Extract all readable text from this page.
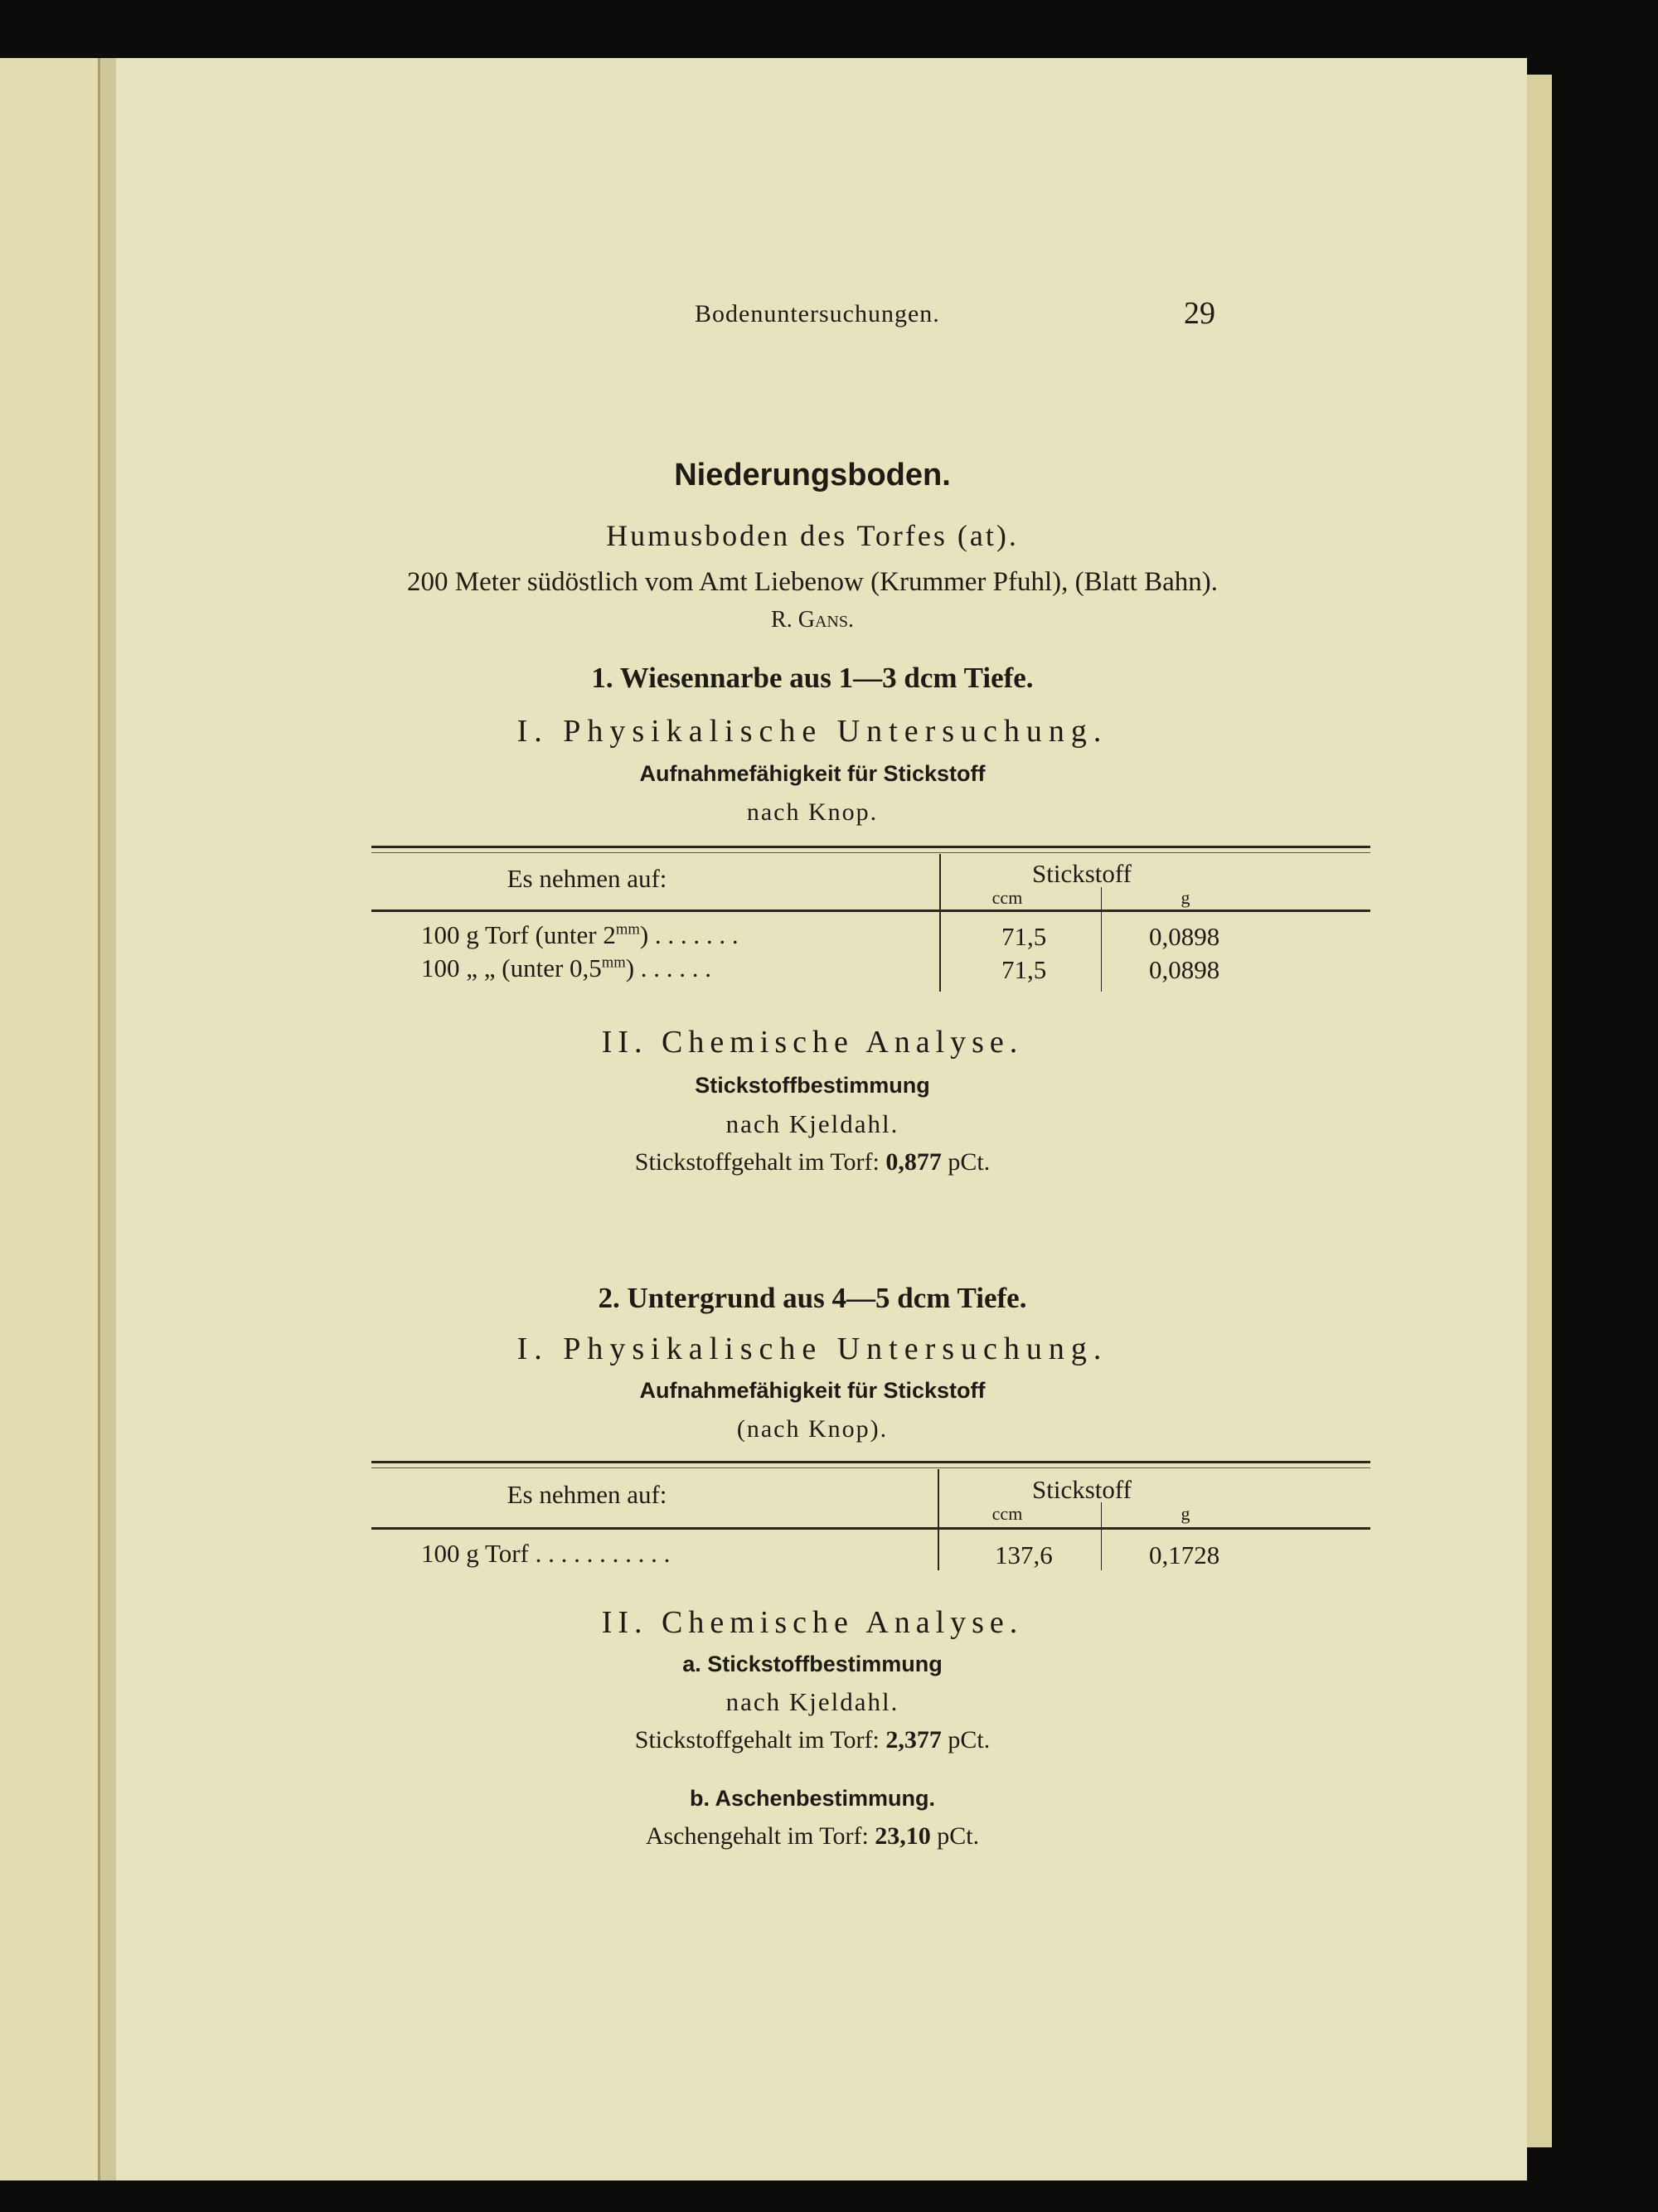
Bodenuntersuchungen.	29
Niederungsboden.
Humusboden des Torfes (at).
200 Meter südöstlich vom Amt Liebenow (Krummer Pfuhl), (Blatt Bahn).
R. Gans.
1. Wiesennarbe aus 1—3 dcm Tiefe.
I. Physikalische Untersuchung.
Aufnahmefähigkeit für Stickstoff
nach Knop.
Es nehmen auf:	Stickstoff
ccm	g
100 g Torf (unter $2^{mm}$) . . . . . . .	71,5	0,0898
100 „ „ (unter $0,5^{mm}$) . . . . . .	71,5	0,0898
II. Chemische Analyse.
Stickstoffbestimmung
nach Kjeldahl.
Stickstoffgehalt im Torf: 0,877 pCt.
2. Untergrund aus 4—5 dcm Tiefe.
I. Physikalische Untersuchung.
Aufnahmefähigkeit für Stickstoff
(nach Knop).
Es nehmen auf:	Stickstoff
ccm	g
100 g Torf . . . . . . . . . . .	137,6	0,1728
II. Chemische Analyse.
a. Stickstoffbestimmung
nach Kjeldahl.
Stickstoffgehalt im Torf: 2,377 pCt.
b. Aschenbestimmung.
Aschengehalt im Torf: 23,10 pCt.
